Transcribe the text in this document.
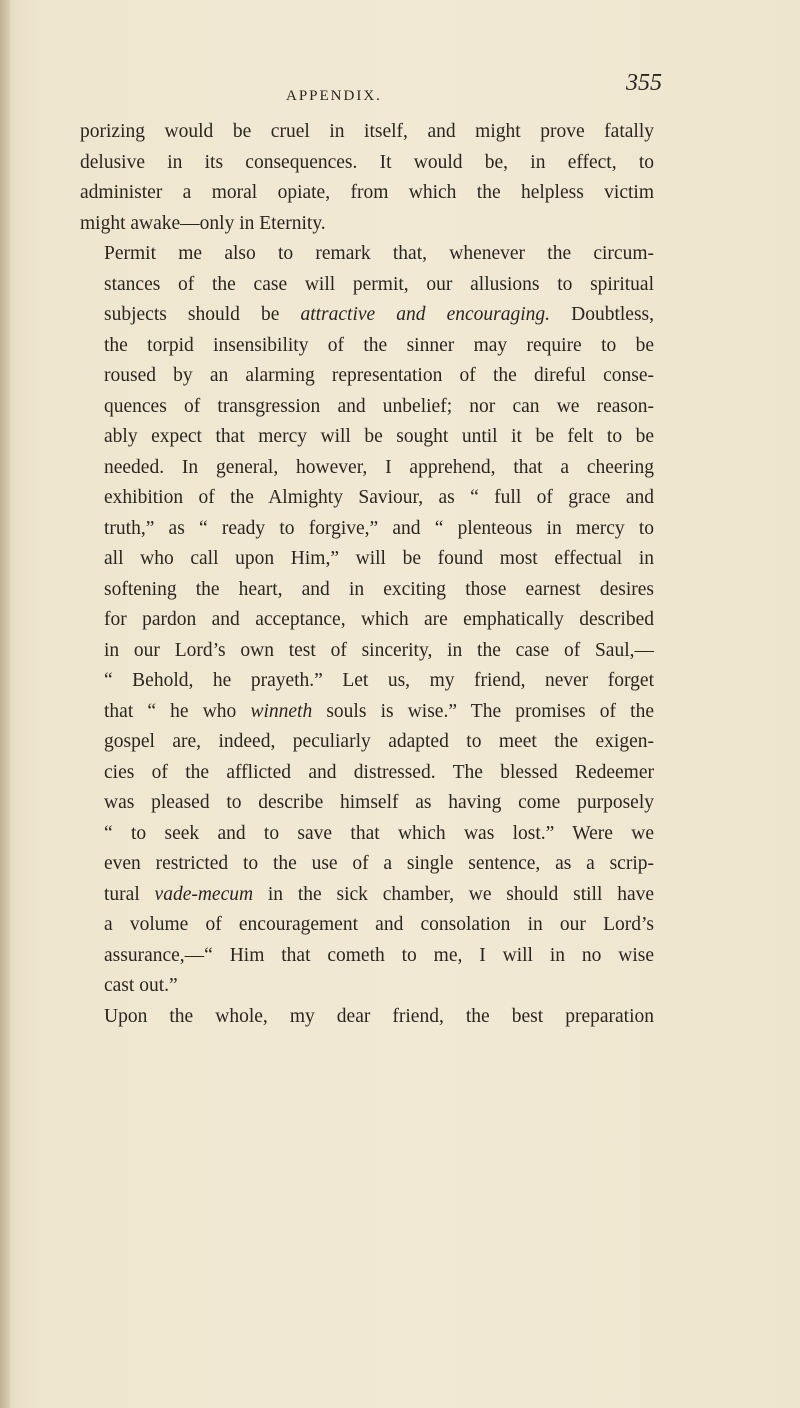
APPENDIX.	355

porizing would be cruel in itself, and might prove fatally
delusive in its consequences. It would be, in effect, to
administer a moral opiate, from which the helpless victim
might awake—only in Eternity.

Permit me also to remark that, whenever the circum-
stances of the case will permit, our allusions to spiritual
subjects should be attractive and encouraging. Doubtless,
the torpid insensibility of the sinner may require to be
roused by an alarming representation of the direful conse-
quences of transgression and unbelief; nor can we reason-
ably expect that mercy will be sought until it be felt to be
needed. In general, however, I apprehend, that a cheering
exhibition of the Almighty Saviour, as “ full of grace and
truth,” as “ ready to forgive,” and “ plenteous in mercy to
all who call upon Him,” will be found most effectual in
softening the heart, and in exciting those earnest desires
for pardon and acceptance, which are emphatically described
in our Lord’s own test of sincerity, in the case of Saul,—
“ Behold, he prayeth.” Let us, my friend, never forget
that “ he who winneth souls is wise.” The promises of the
gospel are, indeed, peculiarly adapted to meet the exigen-
cies of the afflicted and distressed. The blessed Redeemer
was pleased to describe himself as having come purposely
“ to seek and to save that which was lost.” Were we
even restricted to the use of a single sentence, as a scrip-
tural vade-mecum in the sick chamber, we should still have
a volume of encouragement and consolation in our Lord’s
assurance,—“ Him that cometh to me, I will in no wise
cast out.”

Upon the whole, my dear friend, the best preparation
